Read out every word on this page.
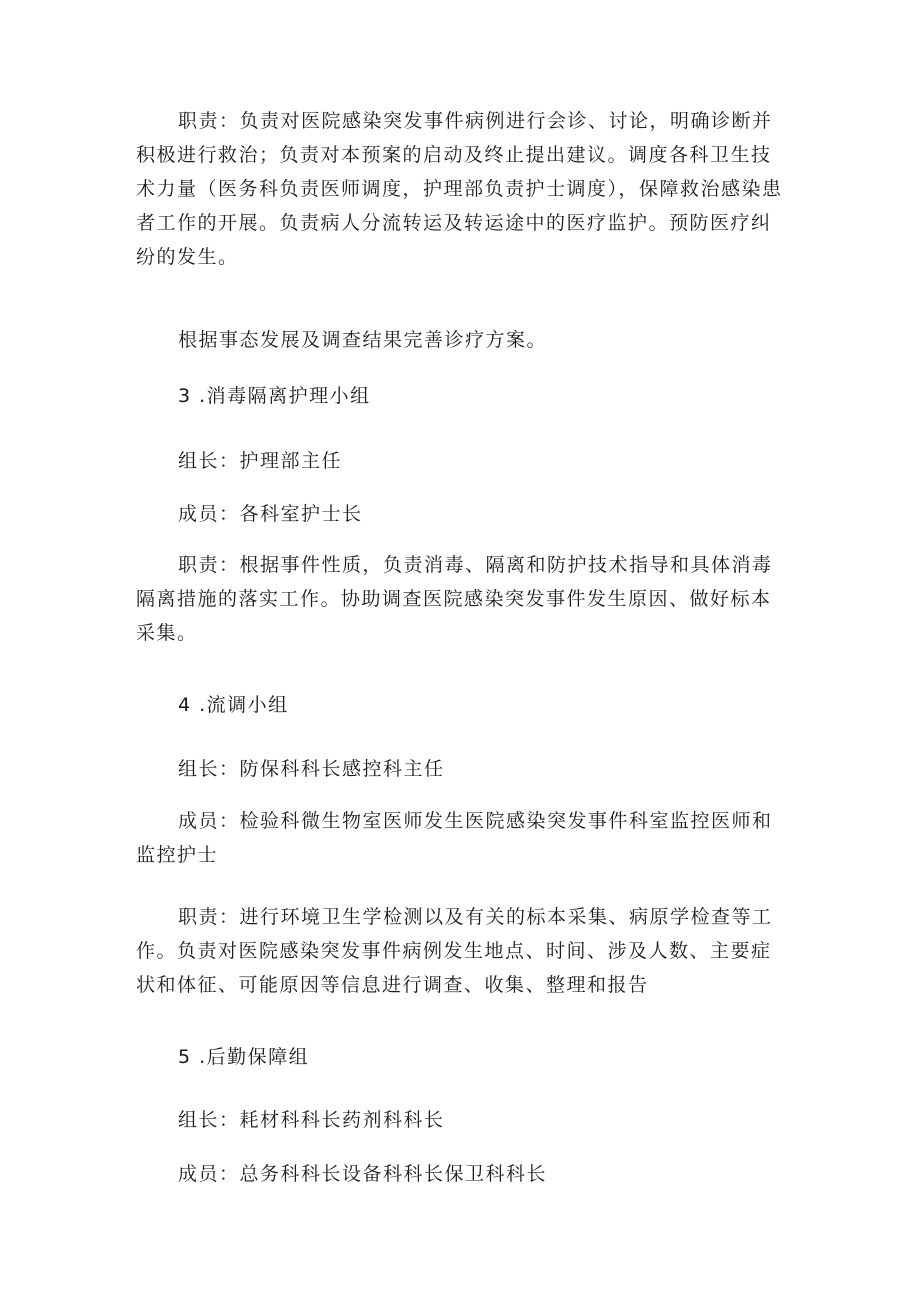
职责：负责对医院感染突发事件病例进行会诊、讨论，明确诊断并积极进行救治；负责对本预案的启动及终止提出建议。调度各科卫生技术力量（医务科负责医师调度，护理部负责护士调度），保障救治感染患者工作的开展。负责病人分流转运及转运途中的医疗监护。预防医疗纠纷的发生。

根据事态发展及调查结果完善诊疗方案。

3 .消毒隔离护理小组

组长：护理部主任

成员：各科室护士长

职责：根据事件性质，负责消毒、隔离和防护技术指导和具体消毒隔离措施的落实工作。协助调查医院感染突发事件发生原因、做好标本采集。

4 .流调小组

组长：防保科科长感控科主任

成员：检验科微生物室医师发生医院感染突发事件科室监控医师和监控护士

职责：进行环境卫生学检测以及有关的标本采集、病原学检查等工作。负责对医院感染突发事件病例发生地点、时间、涉及人数、主要症状和体征、可能原因等信息进行调查、收集、整理和报告

5 .后勤保障组

组长：耗材科科长药剂科科长

成员：总务科科长设备科科长保卫科科长
